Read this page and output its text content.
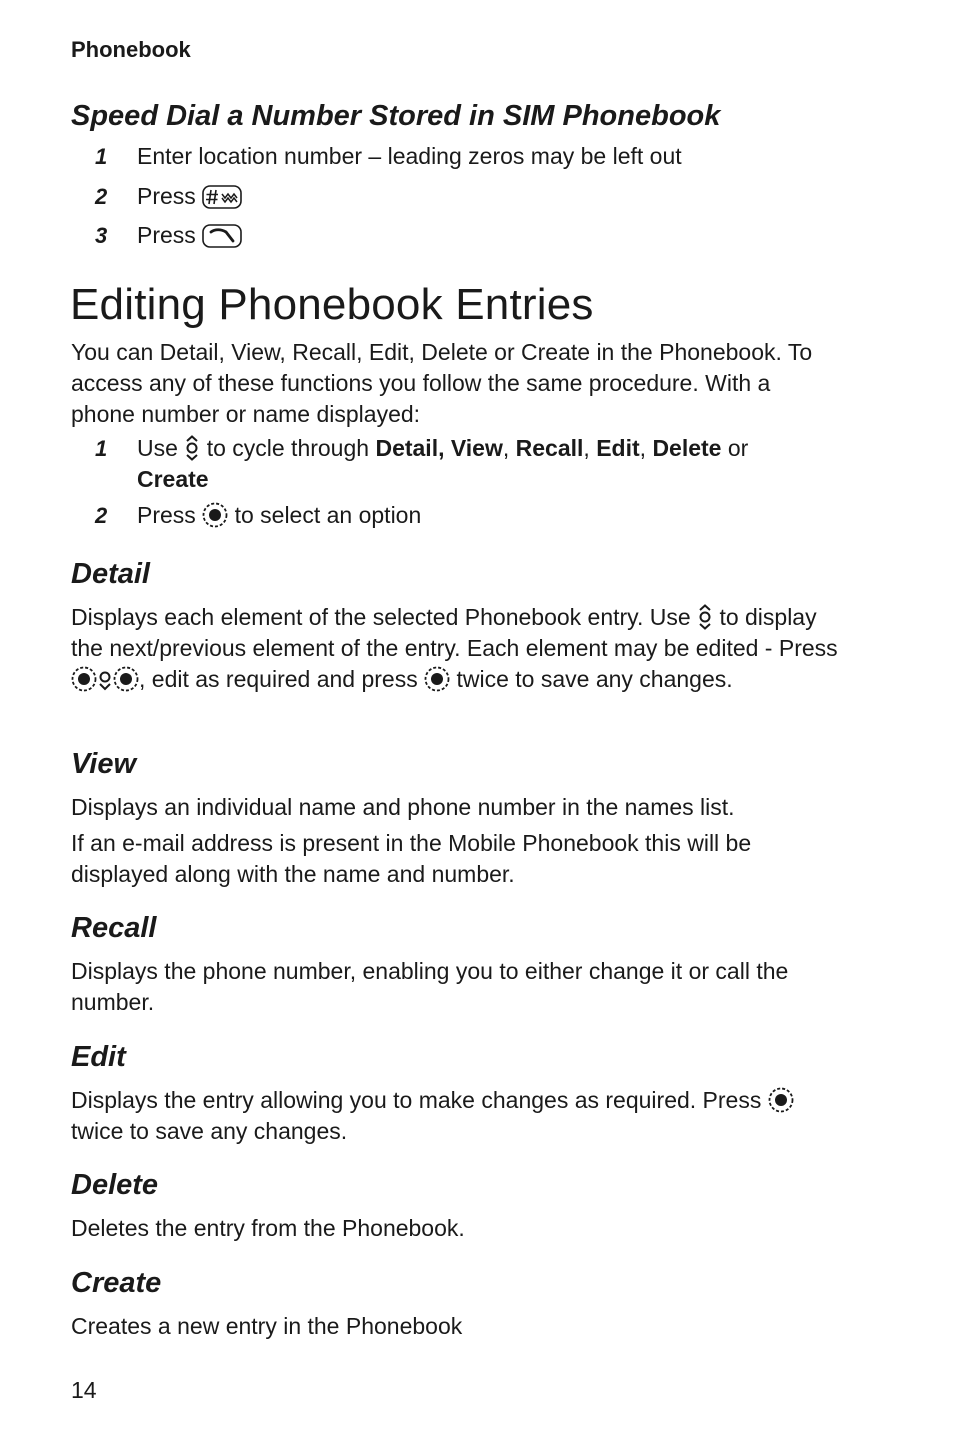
Phonebook
Speed Dial a Number Stored in SIM Phonebook
1 Enter location number – leading zeros may be left out
2 Press
3 Press
Editing Phonebook Entries
You can Detail, View, Recall, Edit, Delete or Create in the Phonebook. To access any of these functions you follow the same procedure. With a phone number or name displayed:
1 Use to cycle through Detail, View, Recall, Edit, Delete or Create
2 Press to select an option
Detail
Displays each element of the selected Phonebook entry. Use to display the next/previous element of the entry. Each element may be edited - Press , edit as required and press twice to save any changes.
View
Displays an individual name and phone number in the names list.
If an e-mail address is present in the Mobile Phonebook this will be displayed along with the name and number.
Recall
Displays the phone number, enabling you to either change it or call the number.
Edit
Displays the entry allowing you to make changes as required. Press  twice to save any changes.
Delete
Deletes the entry from the Phonebook.
Create
Creates a new entry in the Phonebook
14
